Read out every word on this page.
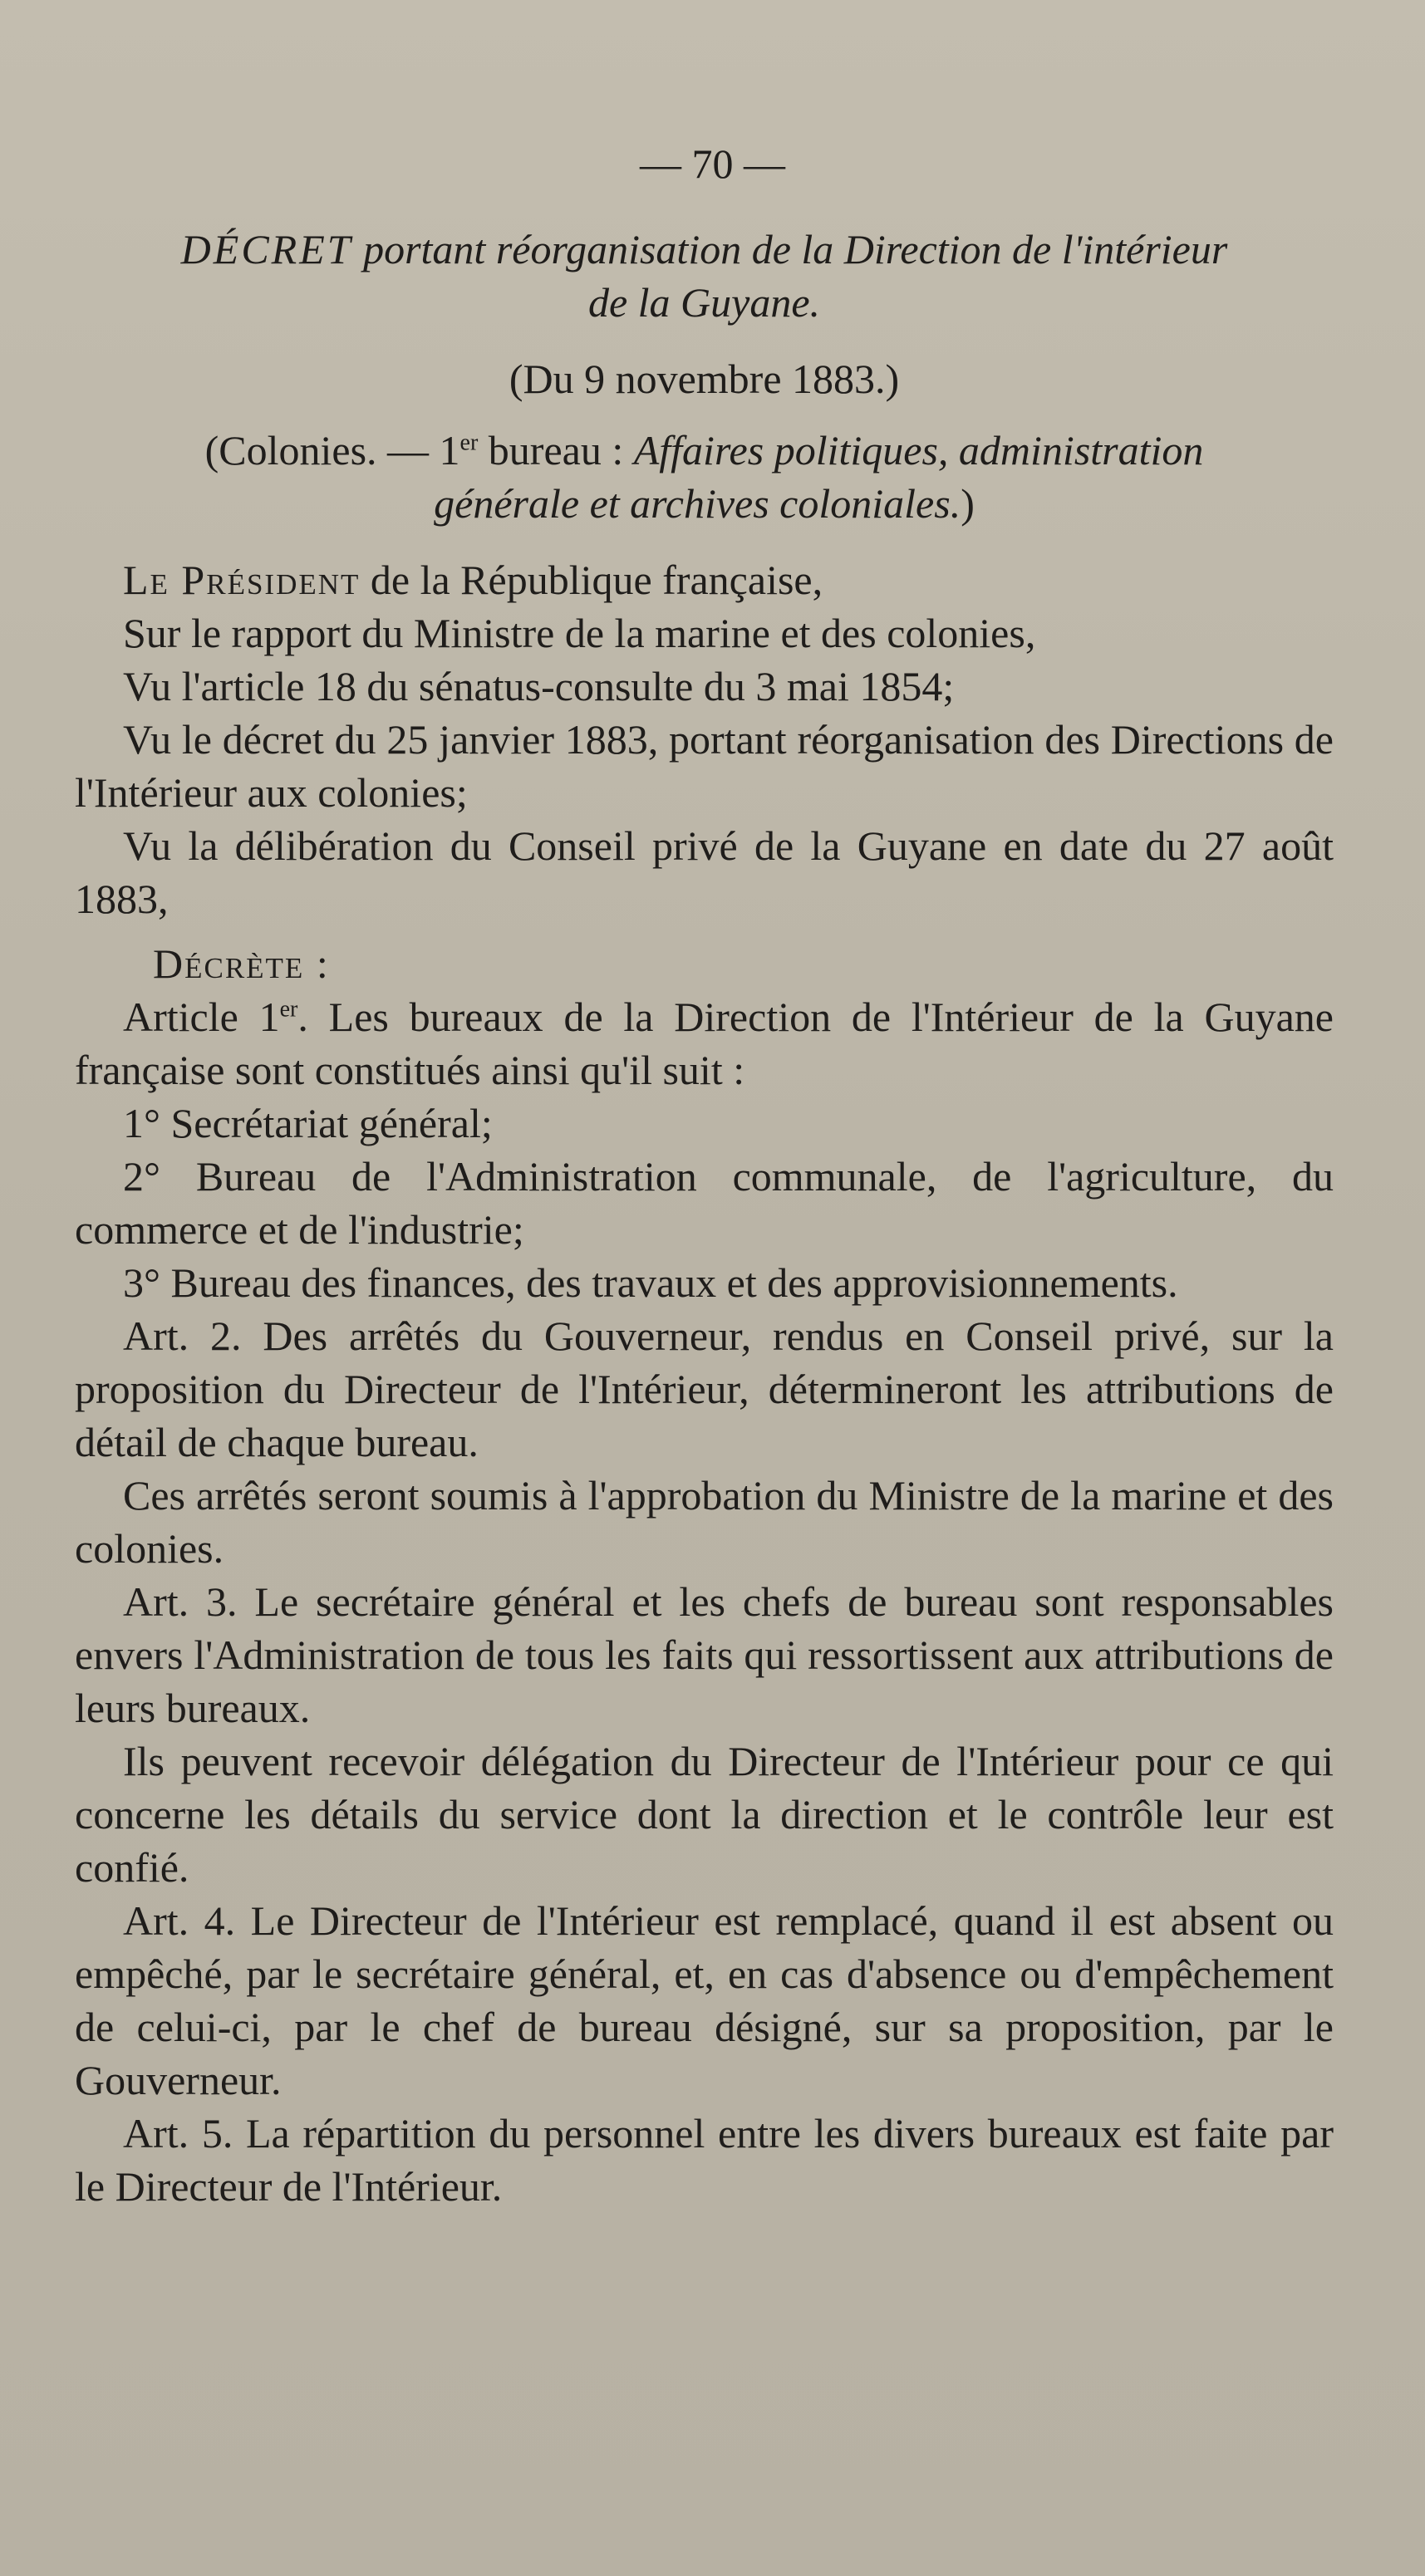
— 70 —
DÉCRET portant réorganisation de la Direction de l'intérieur
de la Guyane.
(Du 9 novembre 1883.)
(Colonies. — 1er bureau : Affaires politiques, administration
générale et archives coloniales.)

Le Président de la République française,

Sur le rapport du Ministre de la marine et des colonies,

Vu l'article 18 du sénatus-consulte du 3 mai 1854;

Vu le décret du 25 janvier 1883, portant réorganisation des Directions de l'Intérieur aux colonies;

Vu la délibération du Conseil privé de la Guyane en date du 27 août 1883,

Décrète :

Article 1er. Les bureaux de la Direction de l'Intérieur de la Guyane française sont constitués ainsi qu'il suit :

1° Secrétariat général;

2° Bureau de l'Administration communale, de l'agriculture, du commerce et de l'industrie;

3° Bureau des finances, des travaux et des approvisionnements.

Art. 2. Des arrêtés du Gouverneur, rendus en Conseil privé, sur la proposition du Directeur de l'Intérieur, détermineront les attributions de détail de chaque bureau.

Ces arrêtés seront soumis à l'approbation du Ministre de la marine et des colonies.

Art. 3. Le secrétaire général et les chefs de bureau sont responsables envers l'Administration de tous les faits qui ressortissent aux attributions de leurs bureaux.

Ils peuvent recevoir délégation du Directeur de l'Intérieur pour ce qui concerne les détails du service dont la direction et le contrôle leur est confié.

Art. 4. Le Directeur de l'Intérieur est remplacé, quand il est absent ou empêché, par le secrétaire général, et, en cas d'absence ou d'empêchement de celui-ci, par le chef de bureau désigné, sur sa proposition, par le Gouverneur.

Art. 5. La répartition du personnel entre les divers bureaux est faite par le Directeur de l'Intérieur.
